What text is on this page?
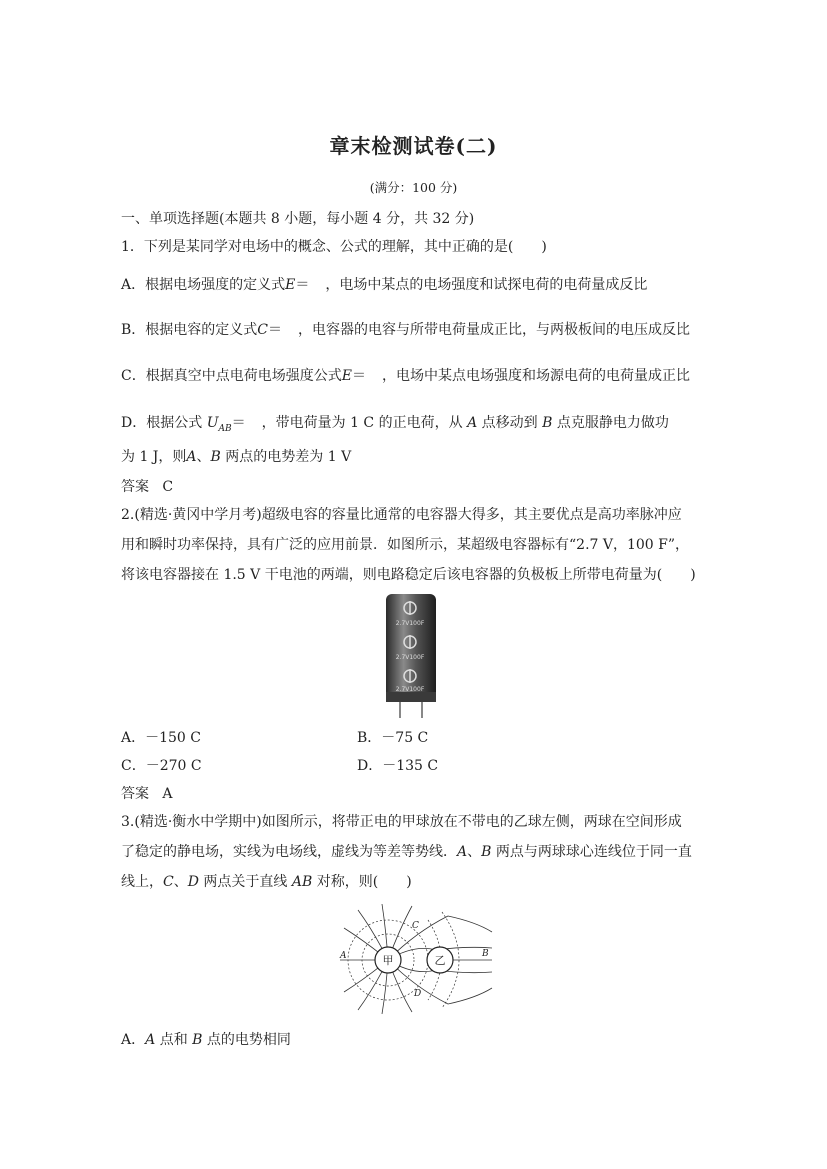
章末检测试卷(二)
(满分：100 分)
一、单项选择题(本题共 8 小题，每小题 4 分，共 32 分)
1．下列是某同学对电场中的概念、公式的理解，其中正确的是( )
A．根据电场强度的定义式E＝ ，电场中某点的电场强度和试探电荷的电荷量成反比
B．根据电容的定义式C＝ ，电容器的电容与所带电荷量成正比，与两极板间的电压成反比
C．根据真空中点电荷电场强度公式E＝ ，电场中某点电场强度和场源电荷的电荷量成正比
D．根据公式 $U_{AB}=$ ，带电荷量为 1 C 的正电荷，从 A 点移动到 B 点克服静电力做功
为 1 J，则A、B 两点的电势差为 1 V
答案 C
2.(精选·黄冈中学月考)超级电容的容量比通常的电容器大得多，其主要优点是高功率脉冲应
用和瞬时功率保持，具有广泛的应用前景．如图所示，某超级电容器标有“2.7 V，100 F”，
将该电容器接在 1.5 V 干电池的两端，则电路稳定后该电容器的负极板上所带电荷量为( )
2.7V100F
2.7V100F
2.7V100F
A．－150 C	B．－75 C
C．－270 C	D．－135 C
答案 A
3.(精选·衡水中学期中)如图所示，将带正电的甲球放在不带电的乙球左侧，两球在空间形成
了稳定的静电场，实线为电场线，虚线为等差等势线．A、B 两点与两球球心连线位于同一直
线上，C、D 两点关于直线 AB 对称，则( )
甲	乙
A	B
C
D
A．A 点和 B 点的电势相同
